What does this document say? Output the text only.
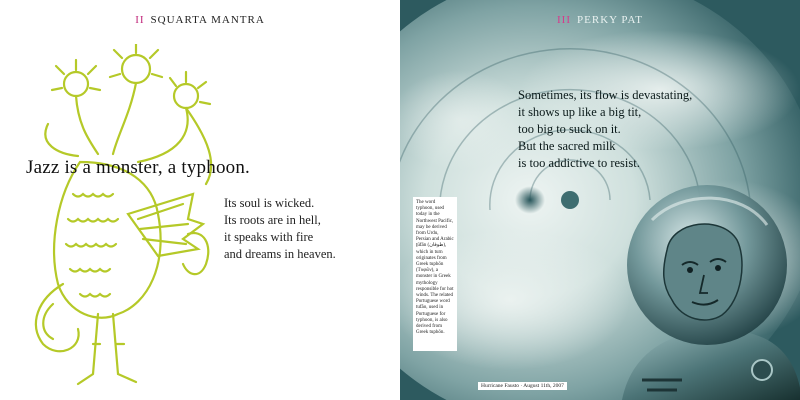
II SQUARTA MANTRA
Jazz is a monster, a typhoon.
Its soul is wicked.
Its roots are in hell,
it speaks with fire
and dreams in heaven.
III PERKY PAT
Sometimes, its flow is devastating,
it shows up like a big tit,
too big to suck on it.
But the sacred milk
is too addictive to resist.
The word typhoon, used today in the Northwest Pacific, may be derived from Urdu, Persian and Arabic ţūfān (طوفان), which in turn originates from Greek tuphōn (Τυφῶν), a monster in Greek mythology responsible for hot winds. The related Portuguese word tufão, used in Portuguese for typhoon, is also derived from Greek tuphōn.
Hurricane Fausto · August 11th, 2007
